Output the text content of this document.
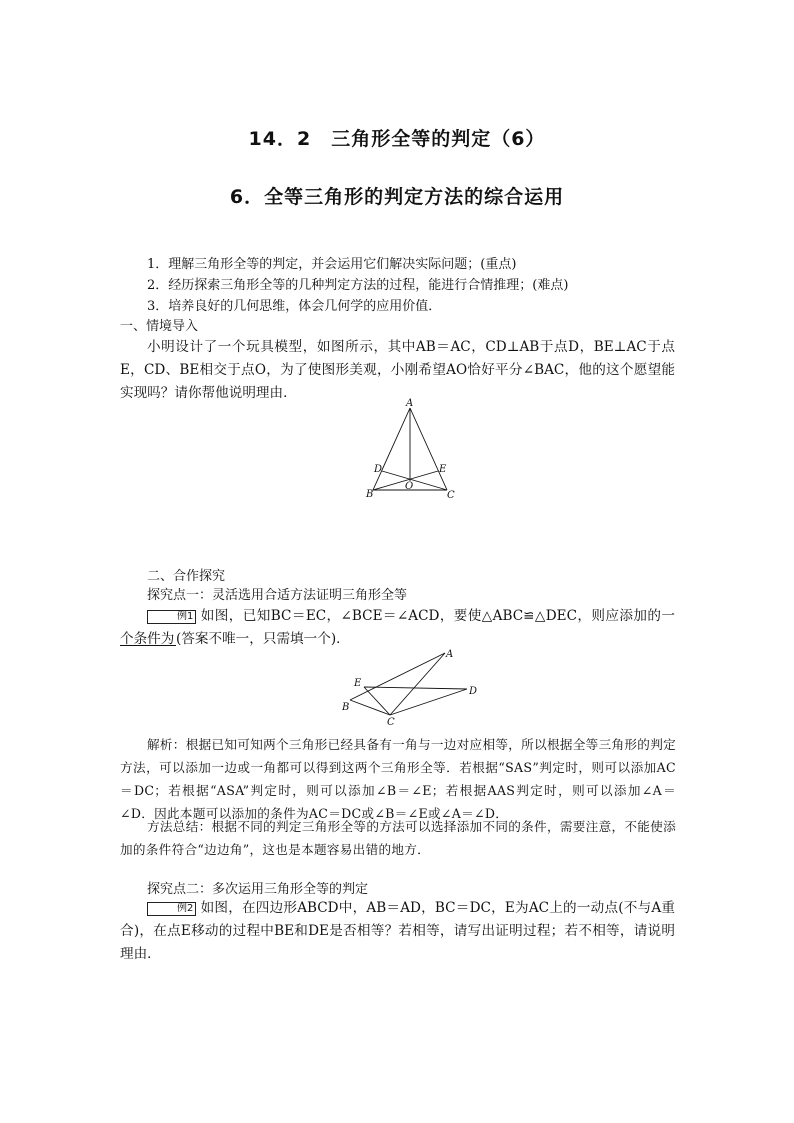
14．2　三角形全等的判定（6）
6．全等三角形的判定方法的综合运用
1．理解三角形全等的判定，并会运用它们解决实际问题；(重点)
2．经历探索三角形全等的几种判定方法的过程，能进行合情推理；(难点)
3．培养良好的几何思维，体会几何学的应用价值．
一、情境导入
小明设计了一个玩具模型，如图所示，其中AB＝AC，CD⊥AB于点D，BE⊥AC于点E，CD、BE相交于点O，为了使图形美观，小刚希望AO恰好平分∠BAC，他的这个愿望能实现吗？请你帮他说明理由．
A
D	E
O
B	C
二、合作探究
探究点一：灵活选用合适方法证明三角形全等
例1 如图，已知BC＝EC，∠BCE＝∠ACD，要使△ABC≌△DEC，则应添加的一个条件为 (答案不唯一，只需填一个)．
A
E
D
B
C
解析：根据已知可知两个三角形已经具备有一角与一边对应相等，所以根据全等三角形的判定方法，可以添加一边或一角都可以得到这两个三角形全等．若根据“SAS”判定时，则可以添加AC＝DC；若根据“ASA”判定时，则可以添加∠B＝∠E；若根据AAS判定时，则可以添加∠A＝∠D．因此本题可以添加的条件为AC＝DC或∠B＝∠E或∠A＝∠D．
方法总结：根据不同的判定三角形全等的方法可以选择添加不同的条件，需要注意，不能使添加的条件符合“边边角”，这也是本题容易出错的地方．
探究点二：多次运用三角形全等的判定
例2 如图，在四边形ABCD中，AB＝AD，BC＝DC，E为AC上的一动点(不与A重合)，在点E移动的过程中BE和DE是否相等？若相等，请写出证明过程；若不相等，请说明理由．
